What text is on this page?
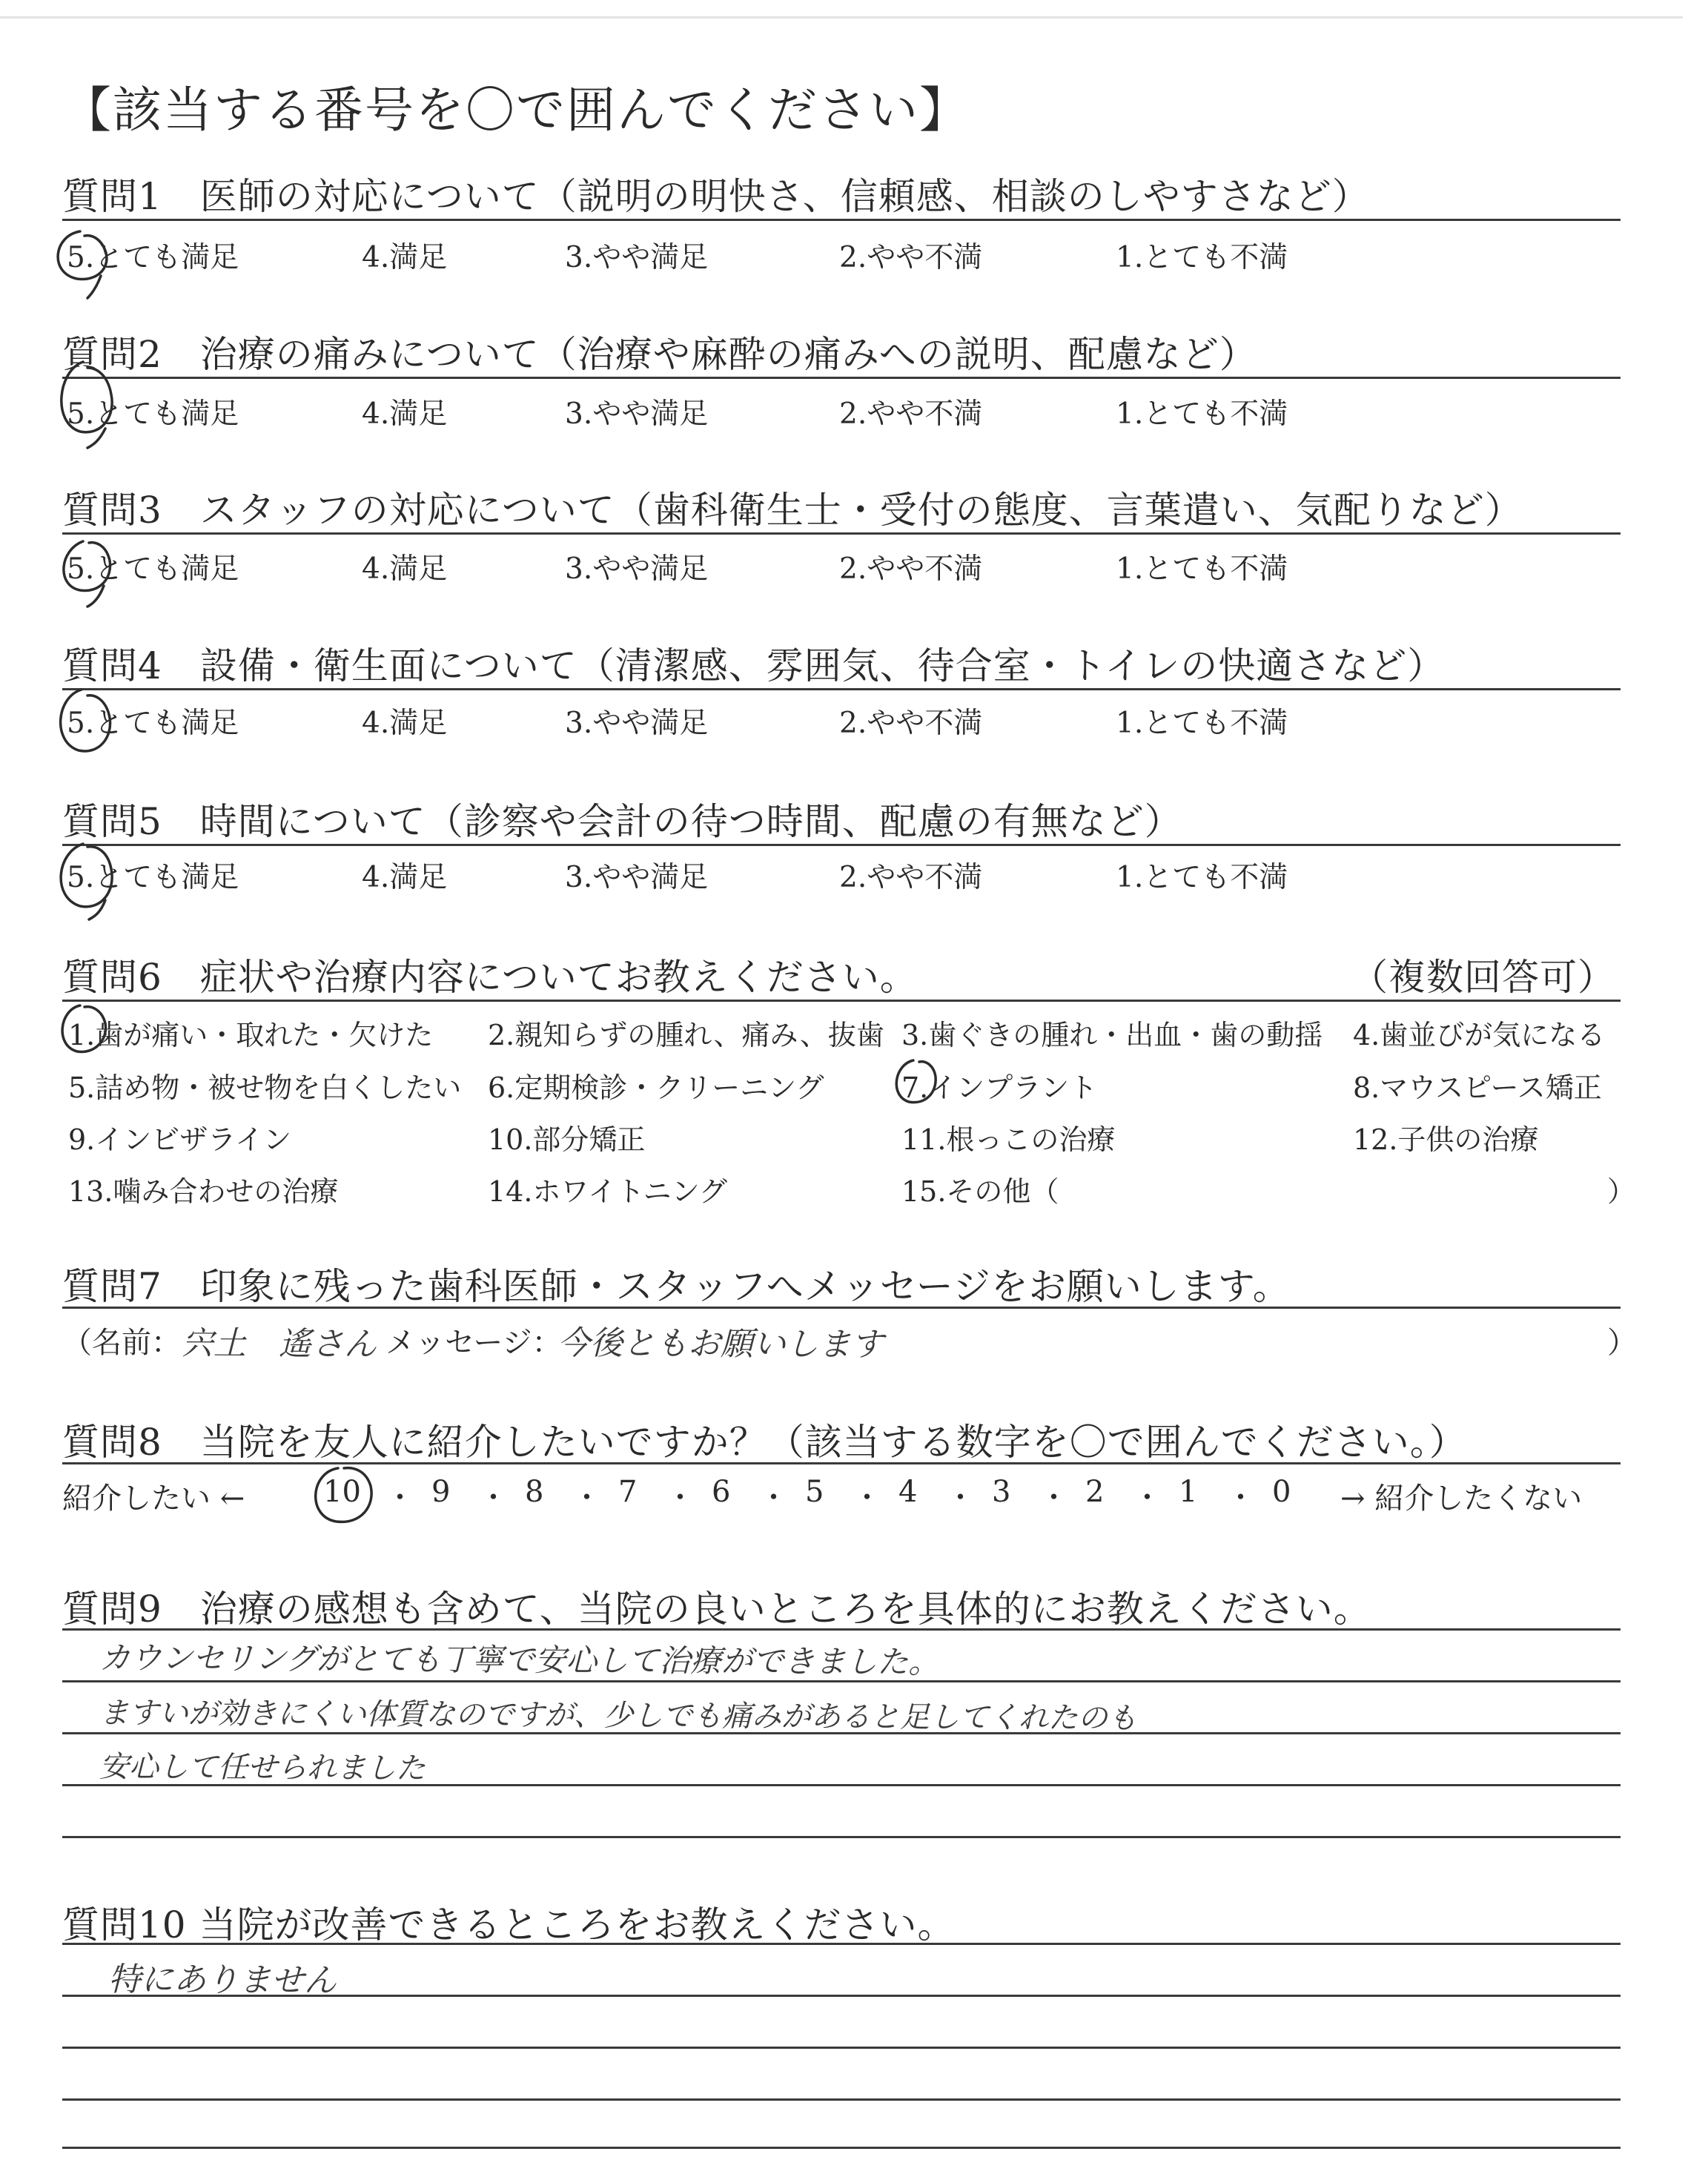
【該当する番号を〇で囲んでください】
質問1　医師の対応について（説明の明快さ、信頼感、相談のしやすさなど）
5.とても満足	4.満足	3.やや満足	2.やや不満	1.とても不満
質問2　治療の痛みについて（治療や麻酔の痛みへの説明、配慮など）
5.とても満足	4.満足	3.やや満足	2.やや不満	1.とても不満
質問3　スタッフの対応について（歯科衛生士・受付の態度、言葉遣い、気配りなど）
5.とても満足	4.満足	3.やや満足	2.やや不満	1.とても不満
質問4　設備・衛生面について（清潔感、雰囲気、待合室・トイレの快適さなど）
5.とても満足	4.満足	3.やや満足	2.やや不満	1.とても不満
質問5　時間について（診察や会計の待つ時間、配慮の有無など）
5.とても満足	4.満足	3.やや満足	2.やや不満	1.とても不満
質問6　症状や治療内容についてお教えください。	（複数回答可）
1.歯が痛い・取れた・欠けた 2.親知らずの腫れ、痛み、抜歯 3.歯ぐきの腫れ・出血・歯の動揺 4.歯並びが気になる
5.詰め物・被せ物を白くしたい 6.定期検診・クリーニング	7.インプラント	8.マウスピース矯正
9.インビザライン	10.部分矯正	11.根っこの治療	12.子供の治療
13.噛み合わせの治療	14.ホワイトニング	15.その他（	）
質問7　印象に残った歯科医師・スタッフへメッセージをお願いします。
（名前： 宍土　遙さん メッセージ：
今後ともお願いします	）
質問8　当院を友人に紹介したいですか？（該当する数字を〇で囲んでください。）
紹介したい ←	→ 紹介したくない
10 ・ 9 ・ 8 ・ 7 ・ 6 ・ 5 ・ 4 ・ 3 ・ 2 ・ 1 ・ 0
質問9　治療の感想も含めて、当院の良いところを具体的にお教えください。
カウンセリングがとても丁寧で安心して治療ができました。
ますいが効きにくい体質なのですが、少しでも痛みがあると足してくれたのも
安心して任せられました
質問10 当院が改善できるところをお教えください。
特にありません
